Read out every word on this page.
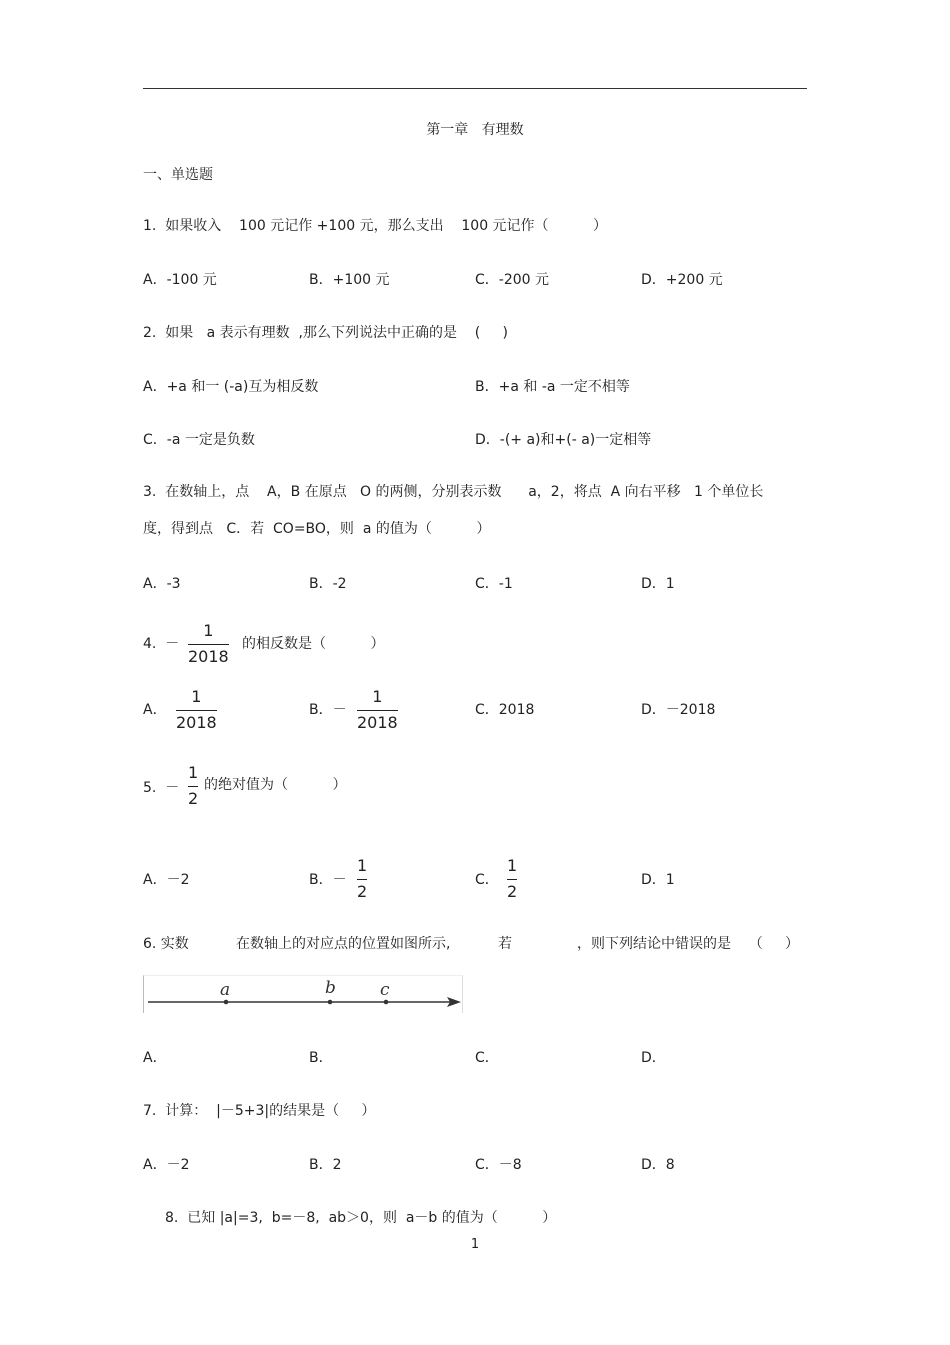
第一章   有理数
一、单选题
1.  如果收入    100 元记作 +100 元，那么支出    100 元记作（          ）
A．-100 元	B．+100 元	C．-200 元	D．+200 元
2.  如果   a 表示有理数  ,那么下列说法中正确的是    (     )
A．+a 和一 (-a)互为相反数	B．+a 和 -a 一定不相等
C．-a 一定是负数	D．-(+ a)和+(- a)一定相等
3.  在数轴上，点    A，B 在原点   O 的两侧，分别表示数      a，2，将点  A 向右平移   1 个单位长
度，得到点   C．若  CO=BO，则  a 的值为（          ）
A．-3	B．-2	C．-1	D．1
4.  －
1
2018
的相反数是（          ）
A．
1
2018
B．－
1
2018
C．2018	D．－2018
5.  －
1
2
的绝对值为（          ）
A．－2	B．－
1
2
C．
1
2
D．1
6. 实数	在数轴上的对应点的位置如图所示,	若	，则下列结论中错误的是    （     ）
a	b	c
A．	B．	C．	D．
7.  计算：  |－5+3|的结果是（     ）
A．－2	B．2	C．－8	D．8
8.  已知 |a|=3,  b=－8,  ab＞0，则  a－b 的值为（          ）
1
